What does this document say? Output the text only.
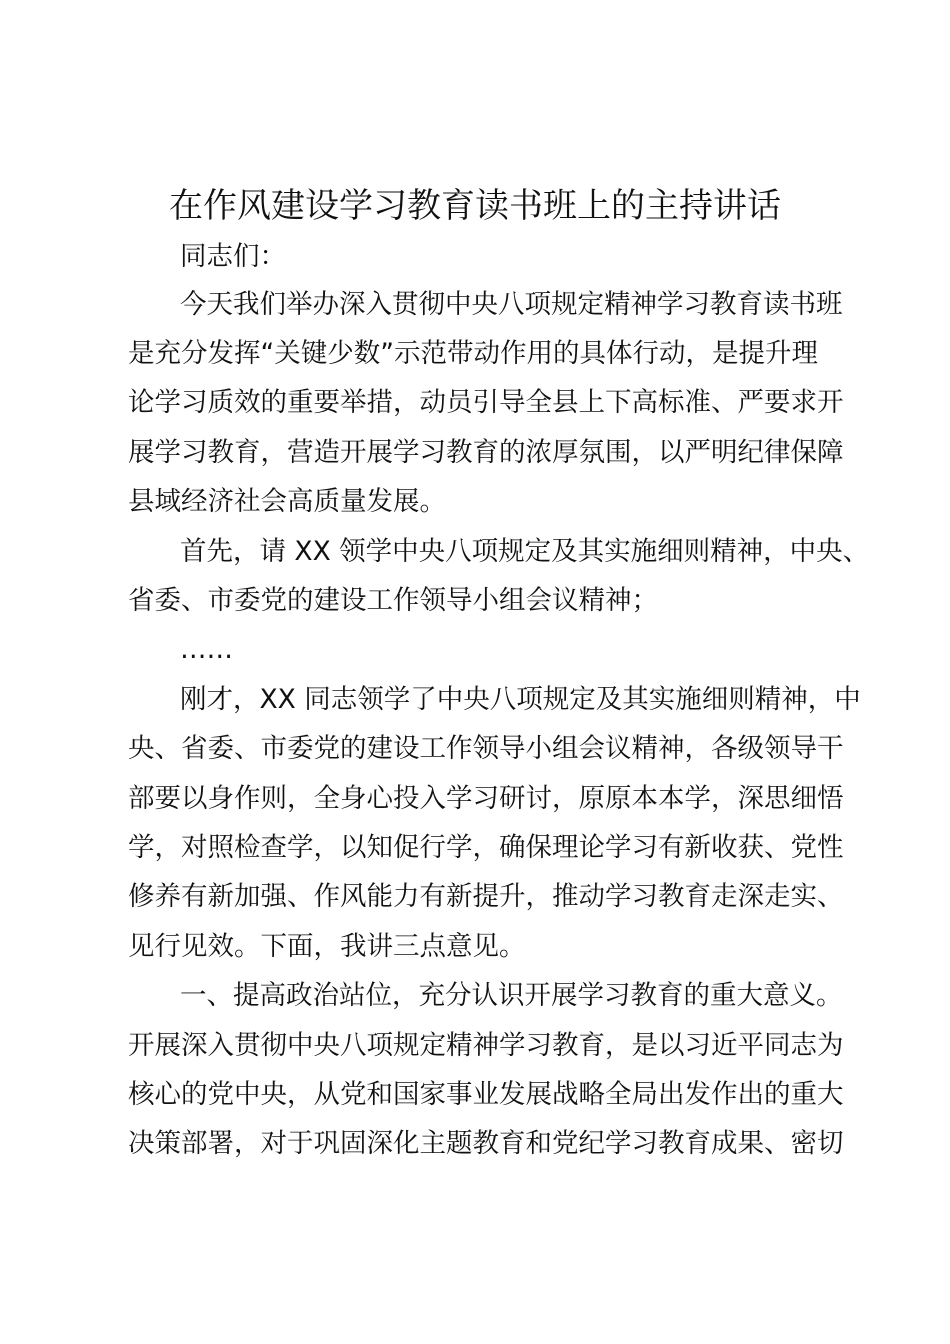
在作风建设学习教育读书班上的主持讲话
同志们：
今天我们举办深入贯彻中央八项规定精神学习教育读书班
是充分发挥“关键少数”示范带动作用的具体行动，是提升理
论学习质效的重要举措，动员引导全县上下高标准、严要求开
展学习教育，营造开展学习教育的浓厚氛围，以严明纪律保障
县域经济社会高质量发展。
首先，请 XX 领学中央八项规定及其实施细则精神，中央、
省委、市委党的建设工作领导小组会议精神；
……
刚才，XX 同志领学了中央八项规定及其实施细则精神，中
央、省委、市委党的建设工作领导小组会议精神，各级领导干
部要以身作则，全身心投入学习研讨，原原本本学，深思细悟
学，对照检查学，以知促行学，确保理论学习有新收获、党性
修养有新加强、作风能力有新提升，推动学习教育走深走实、
见行见效。下面，我讲三点意见。
一、提高政治站位，充分认识开展学习教育的重大意义。
开展深入贯彻中央八项规定精神学习教育，是以习近平同志为
核心的党中央，从党和国家事业发展战略全局出发作出的重大
决策部署，对于巩固深化主题教育和党纪学习教育成果、密切
